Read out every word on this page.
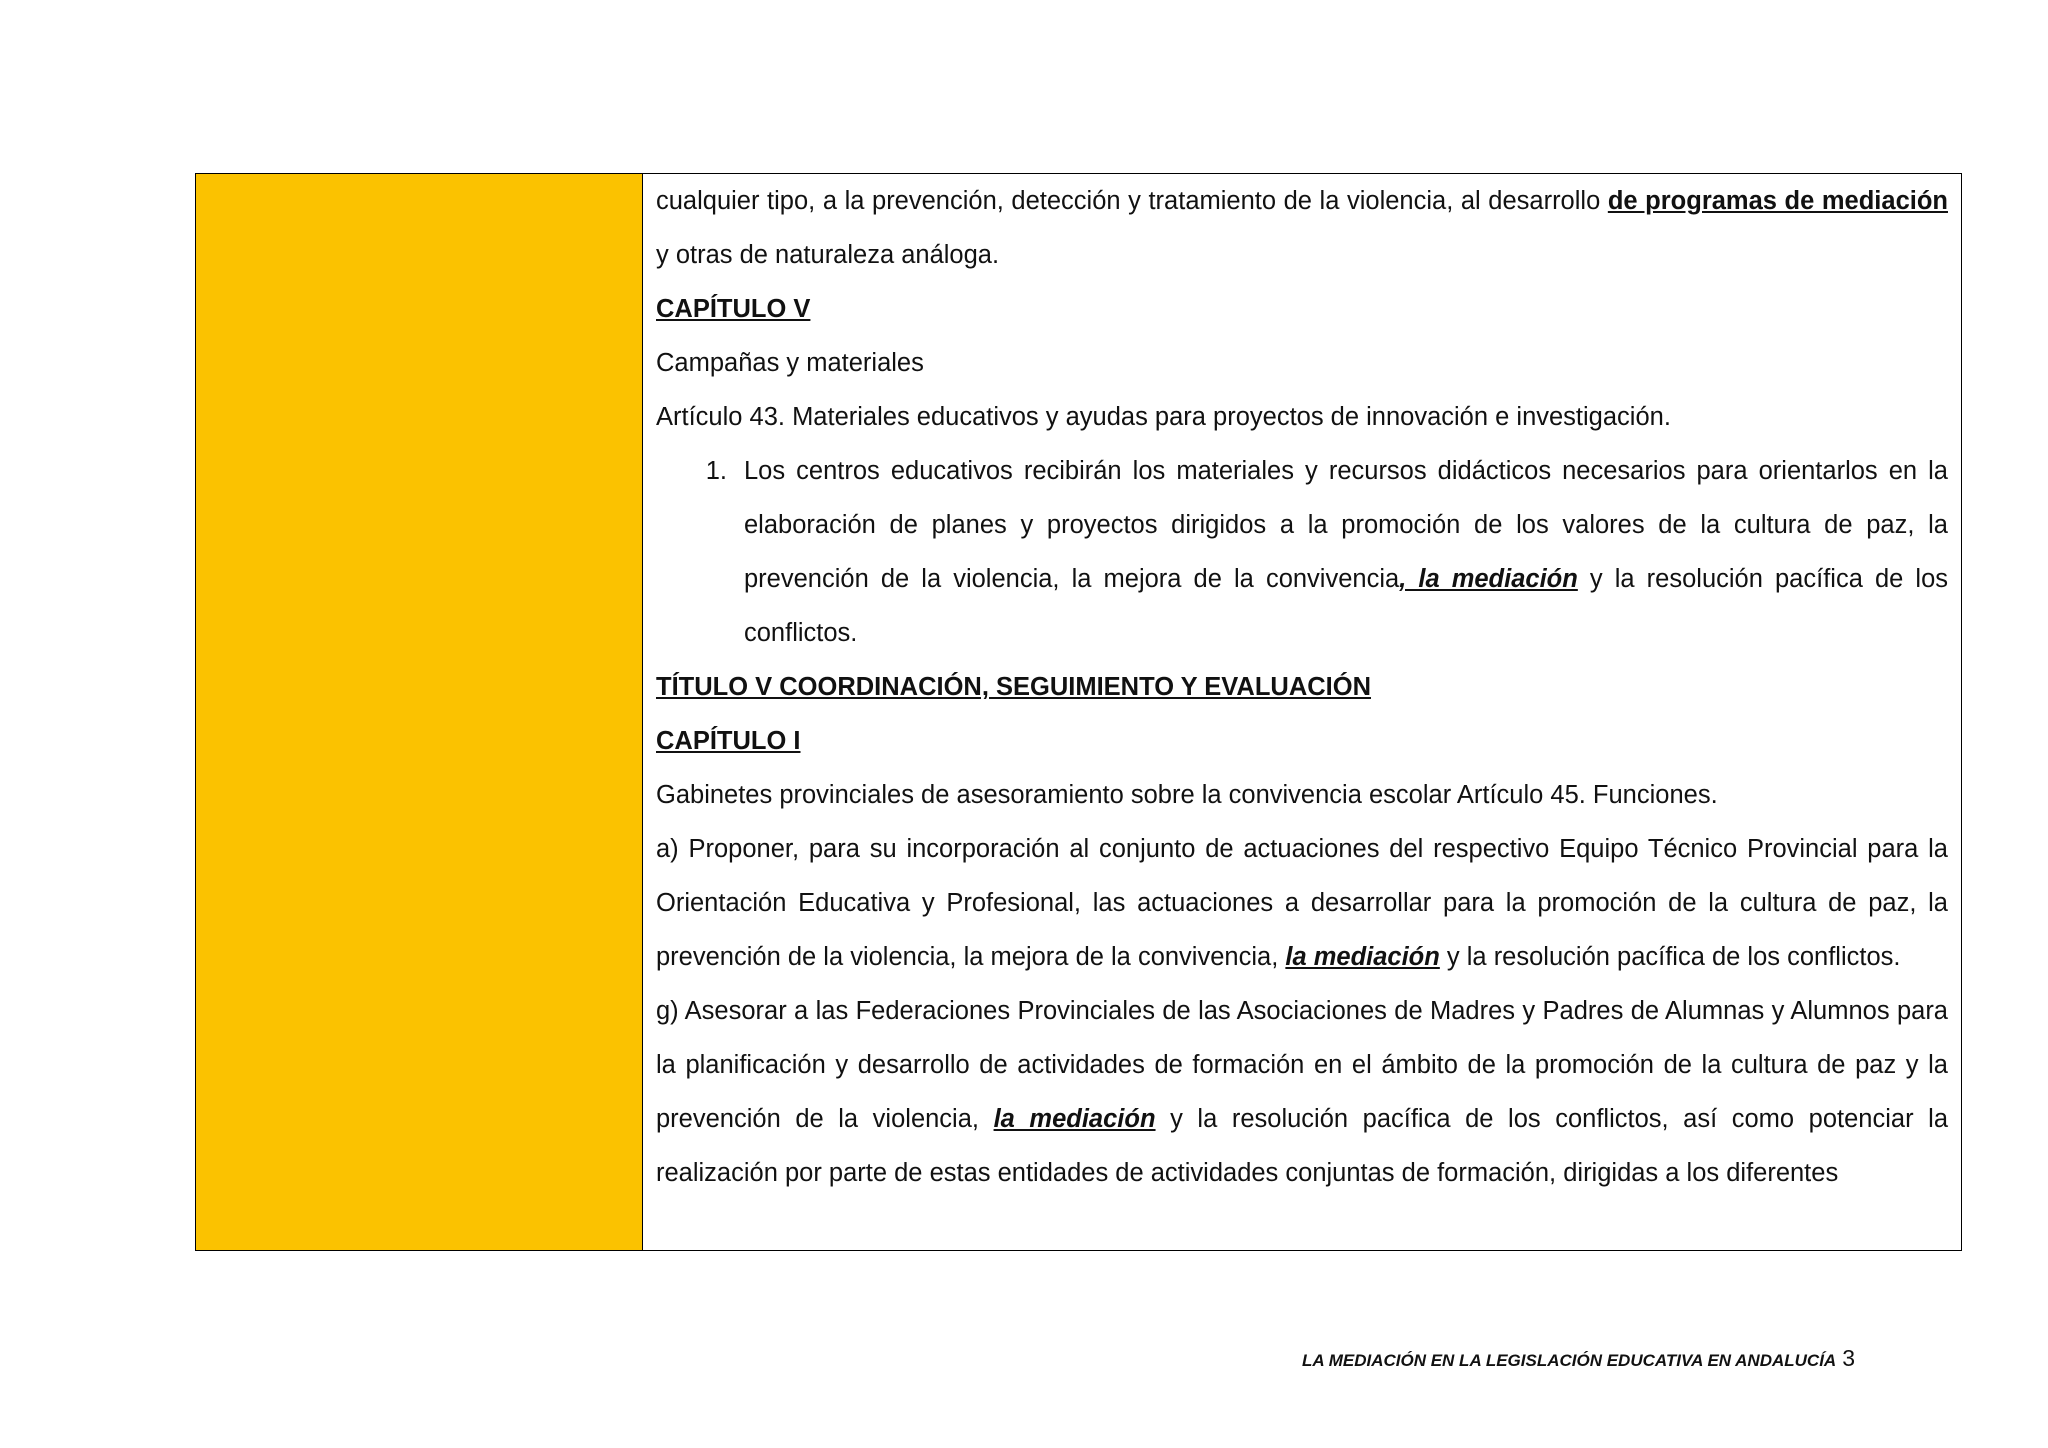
cualquier tipo, a la prevención, detección y tratamiento de la violencia, al desarrollo de programas de mediación y otras de naturaleza análoga.

CAPÍTULO V

Campañas y materiales

Artículo 43. Materiales educativos y ayudas para proyectos de innovación e investigación.

1. Los centros educativos recibirán los materiales y recursos didácticos necesarios para orientarlos en la elaboración de planes y proyectos dirigidos a la promoción de los valores de la cultura de paz, la prevención de la violencia, la mejora de la convivencia, la mediación y la resolución pacífica de los conflictos.

TÍTULO V COORDINACIÓN, SEGUIMIENTO Y EVALUACIÓN

CAPÍTULO I

Gabinetes provinciales de asesoramiento sobre la convivencia escolar Artículo 45. Funciones.

a) Proponer, para su incorporación al conjunto de actuaciones del respectivo Equipo Técnico Provincial para la Orientación Educativa y Profesional, las actuaciones a desarrollar para la promoción de la cultura de paz, la prevención de la violencia, la mejora de la convivencia, la mediación y la resolución pacífica de los conflictos.

g) Asesorar a las Federaciones Provinciales de las Asociaciones de Madres y Padres de Alumnas y Alumnos para la planificación y desarrollo de actividades de formación en el ámbito de la promoción de la cultura de paz y la prevención de la violencia, la mediación y la resolución pacífica de los conflictos, así como potenciar la realización por parte de estas entidades de actividades conjuntas de formación, dirigidas a los diferentes

LA MEDIACIÓN EN LA LEGISLACIÓN EDUCATIVA EN ANDALUCÍA 3
